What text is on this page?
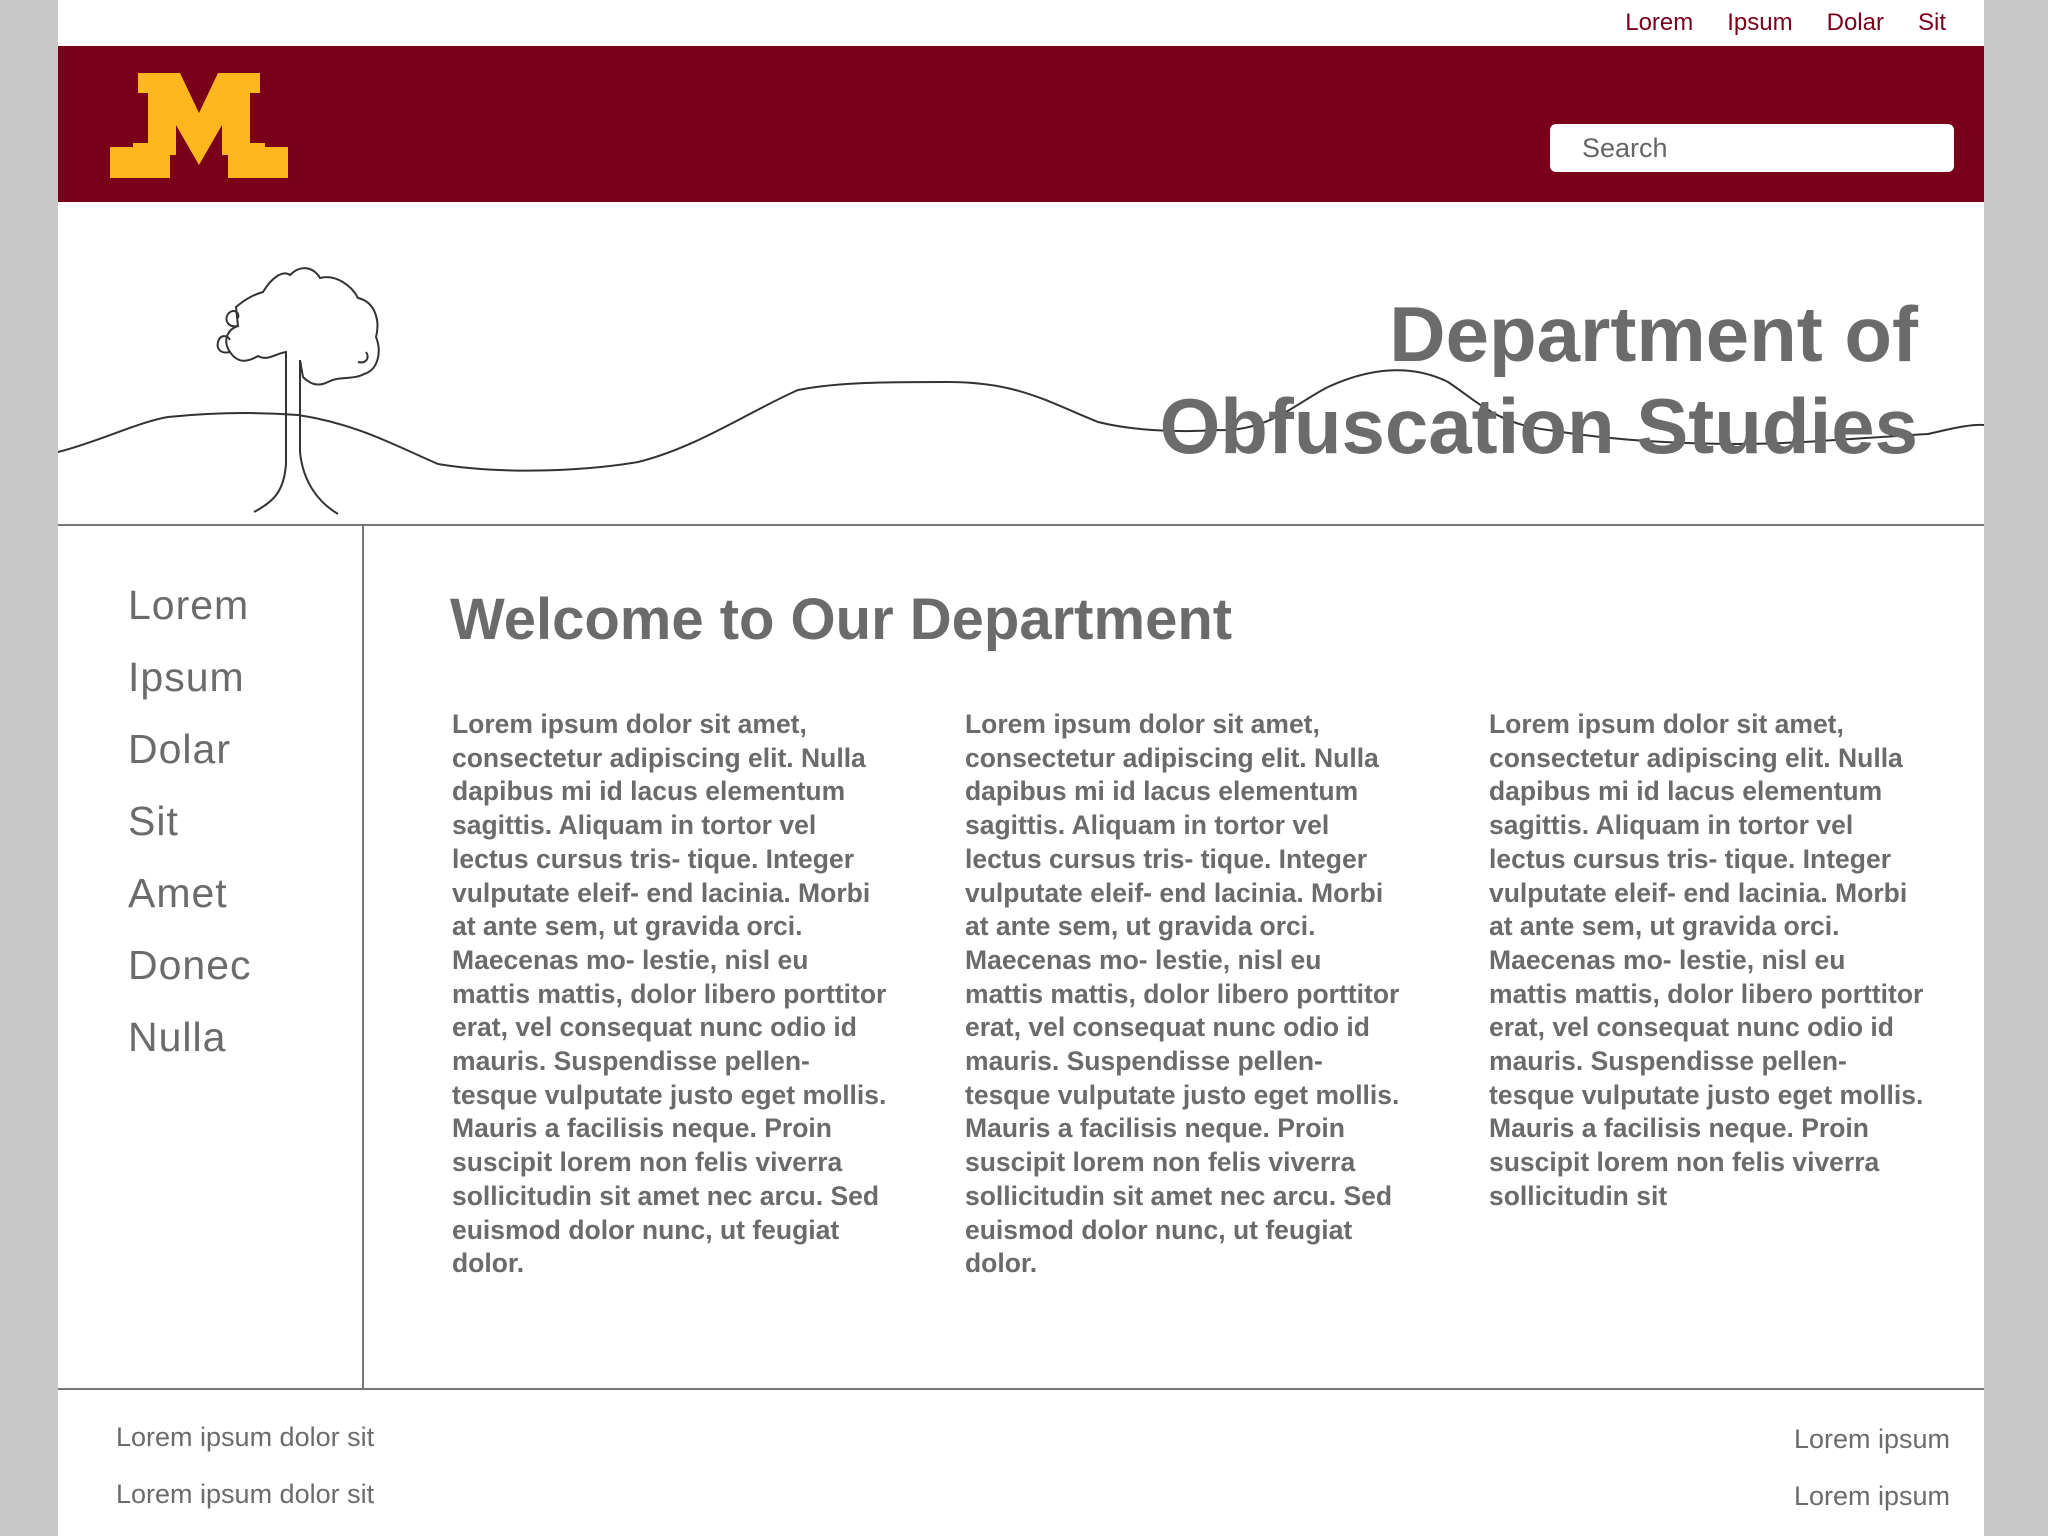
Lorem Ipsum Dolar Sit
Search
Department of
Obfuscation Studies
Lorem
Ipsum
Dolar
Sit
Amet
Donec
Nulla
Welcome to Our Department

Lorem ipsum dolor sit amet, consectetur adipiscing elit. Nulla dapibus mi id lacus elementum sagittis. Aliquam in tortor vel lectus cursus tris- tique. Integer vulputate eleif- end lacinia. Morbi at ante sem, ut gravida orci. Maecenas mo- lestie, nisl eu mattis mattis, dolor libero porttitor erat, vel consequat nunc odio id mauris. Suspendisse pellen- tesque vulputate justo eget mollis. Mauris a facilisis neque. Proin suscipit lorem non felis viverra sollicitudin sit amet nec arcu. Sed euismod dolor nunc, ut feugiat dolor.

Lorem ipsum dolor sit amet, consectetur adipiscing elit. Nulla dapibus mi id lacus elementum sagittis. Aliquam in tortor vel lectus cursus tris- tique. Integer vulputate eleif- end lacinia. Morbi at ante sem, ut gravida orci. Maecenas mo- lestie, nisl eu mattis mattis, dolor libero porttitor erat, vel consequat nunc odio id mauris. Suspendisse pellen- tesque vulputate justo eget mollis. Mauris a facilisis neque. Proin suscipit lorem non felis viverra sollicitudin sit amet nec arcu. Sed euismod dolor nunc, ut feugiat dolor.

Lorem ipsum dolor sit amet, consectetur adipiscing elit. Nulla dapibus mi id lacus elementum sagittis. Aliquam in tortor vel lectus cursus tris- tique. Integer vulputate eleif- end lacinia. Morbi at ante sem, ut gravida orci. Maecenas mo- lestie, nisl eu mattis mattis, dolor libero porttitor erat, vel consequat nunc odio id mauris. Suspendisse pellen- tesque vulputate justo eget mollis. Mauris a facilisis neque. Proin suscipit lorem non felis viverra sollicitudin sit

Lorem ipsum dolor sit
Lorem ipsum dolor sit
Lorem ipsum
Lorem ipsum
